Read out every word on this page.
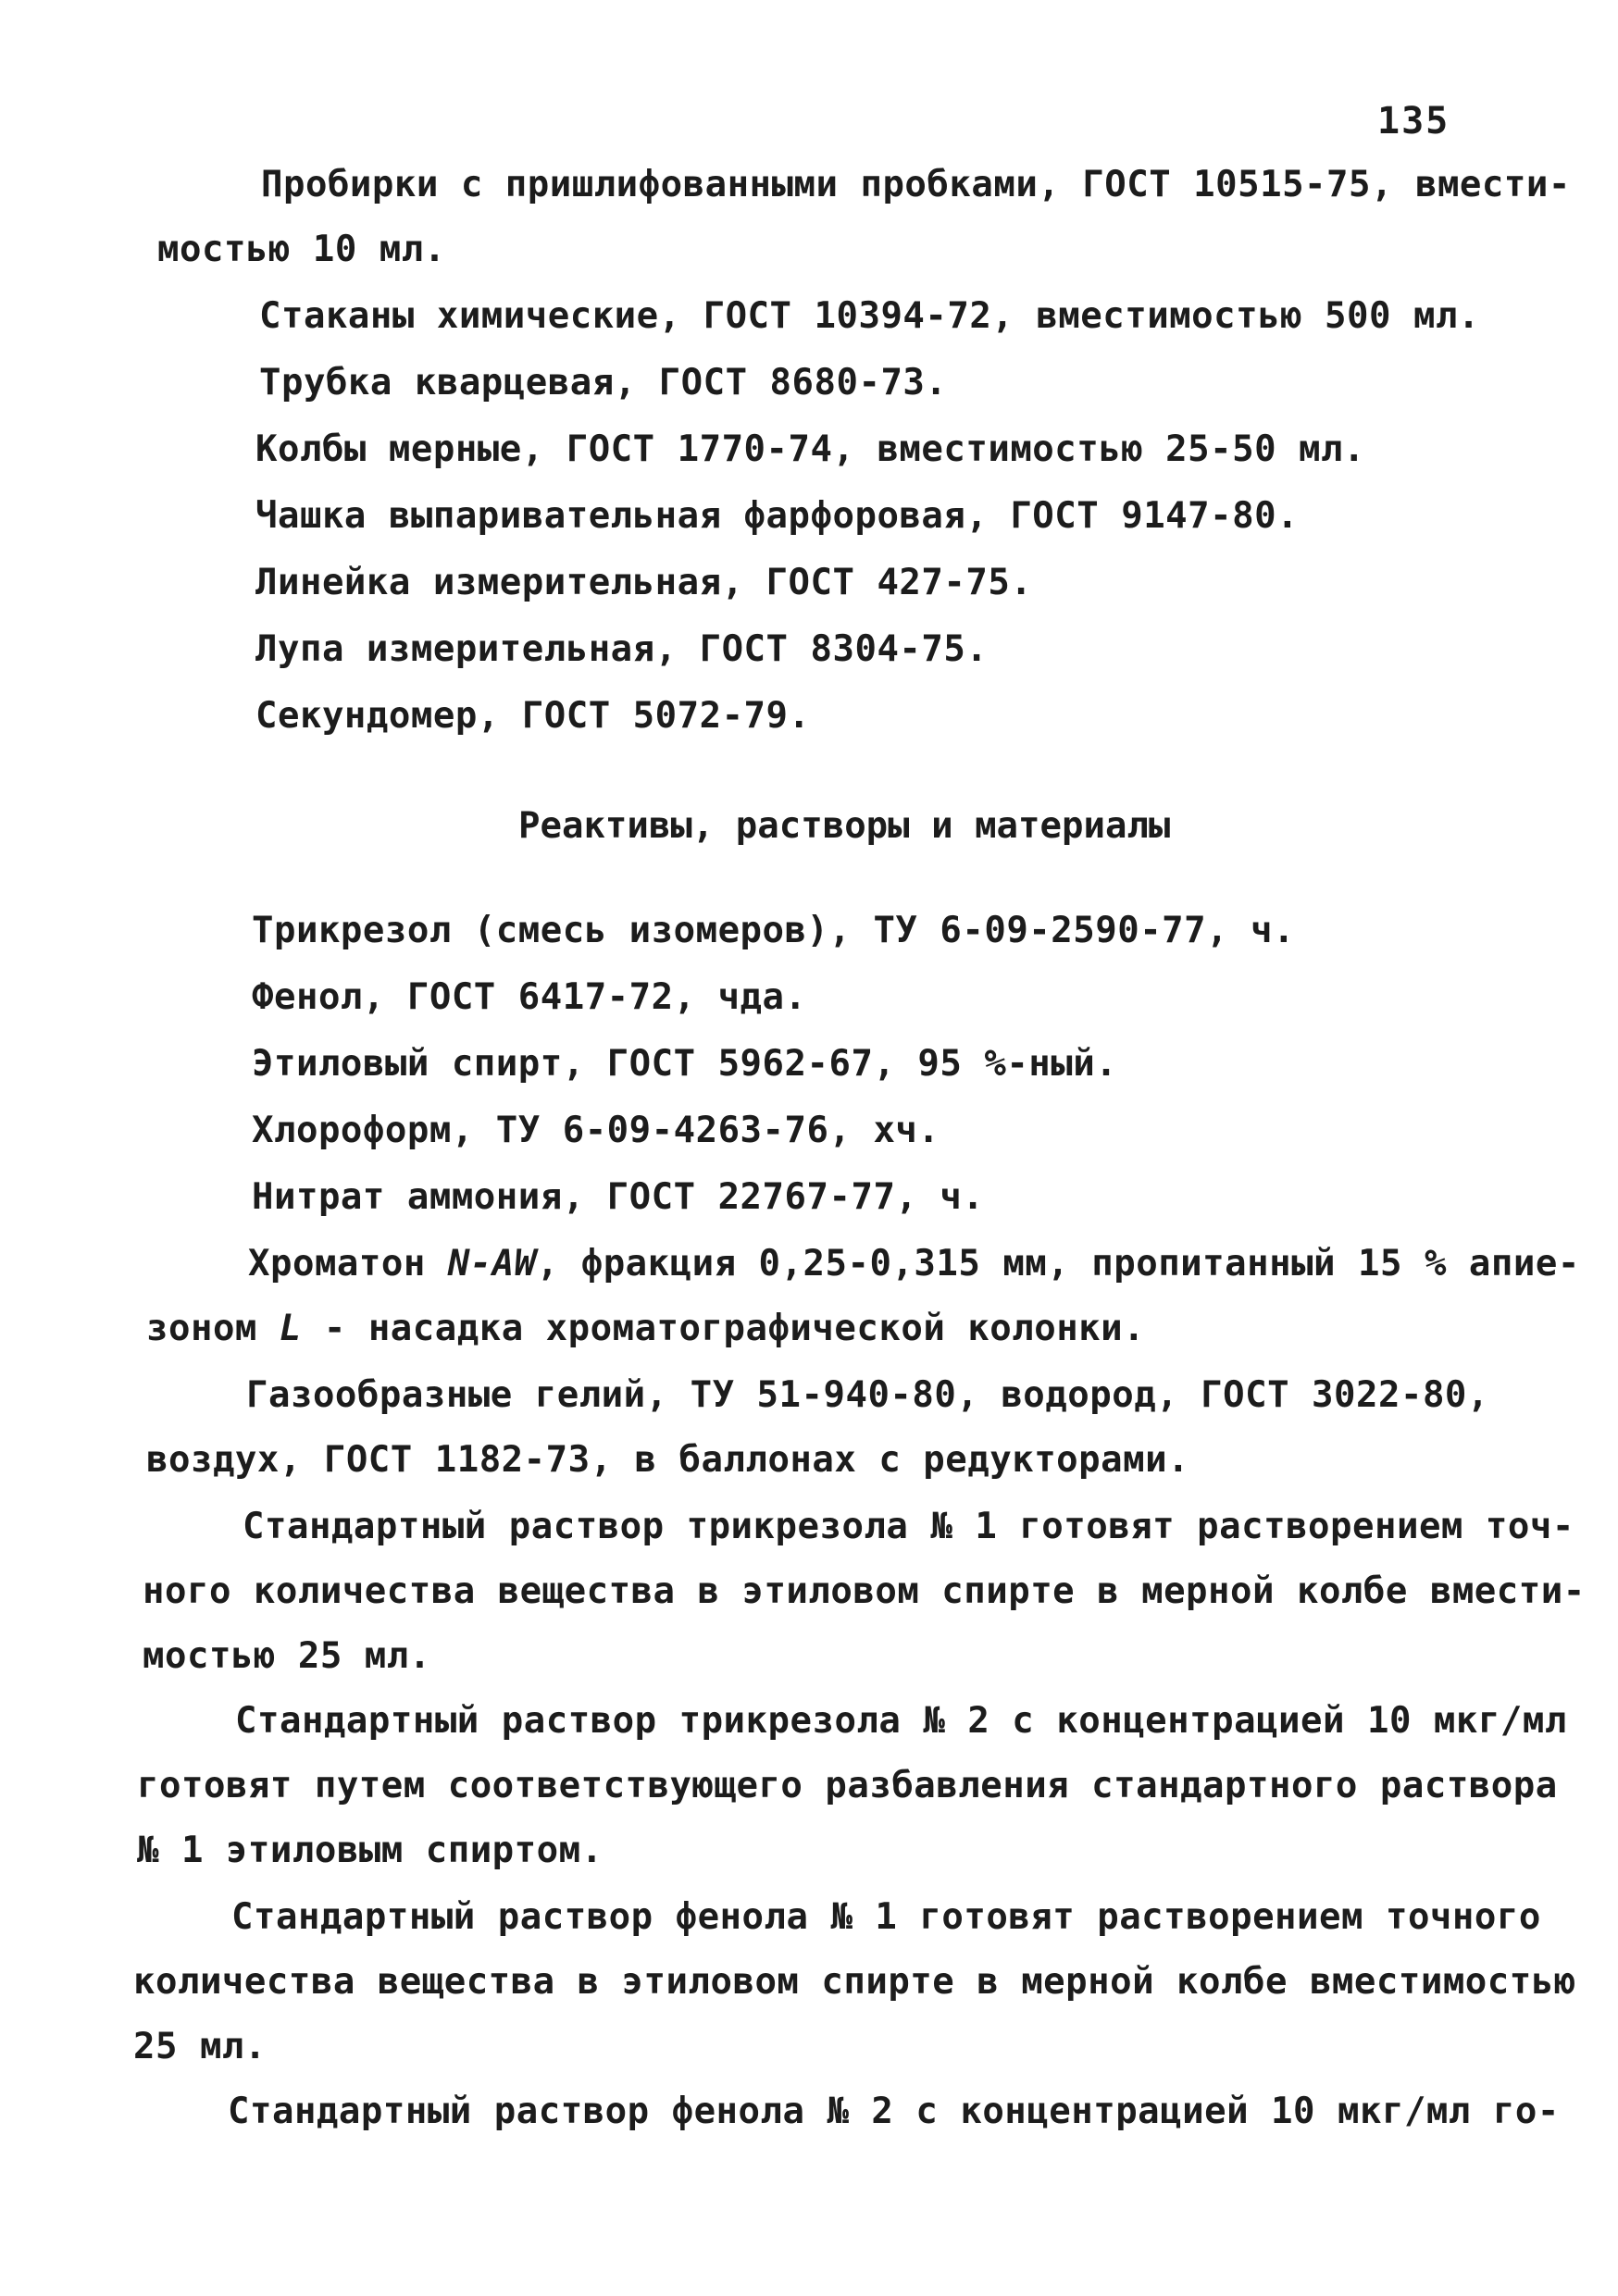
135
Пробирки с пришлифованными пробками, ГОСТ 10515-75, вмести-
мостью 10 мл.
Стаканы химические, ГОСТ 10394-72, вместимостью 500 мл.
Трубка кварцевая, ГОСТ 8680-73.
Колбы мерные, ГОСТ 1770-74, вместимостью 25-50 мл.
Чашка выпаривательная фарфоровая, ГОСТ 9147-80.
Линейка измерительная, ГОСТ 427-75.
Лупа измерительная, ГОСТ 8304-75.
Секундомер, ГОСТ 5072-79.
Реактивы, растворы и материалы
Трикрезол (смесь изомеров), ТУ 6-09-2590-77, ч.
Фенол, ГОСТ 6417-72, чда.
Этиловый спирт, ГОСТ 5962-67, 95 %-ный.
Хлороформ, ТУ 6-09-4263-76, хч.
Нитрат аммония, ГОСТ 22767-77, ч.
Хроматон N-AW, фракция 0,25-0,315 мм, пропитанный 15 % апие-
зоном L - насадка хроматографической колонки.
Газообразные гелий, ТУ 51-940-80, водород, ГОСТ 3022-80,
воздух, ГОСТ 1182-73, в баллонах с редукторами.
Стандартный раствор трикрезола № 1 готовят растворением точ-
ного количества вещества в этиловом спирте в мерной колбе вмести-
мостью 25 мл.
Стандартный раствор трикрезола № 2 с концентрацией 10 мкг/мл
готовят путем соответствующего разбавления стандартного раствора
№ 1 этиловым спиртом.
Стандартный раствор фенола № 1 готовят растворением точного
количества вещества в этиловом спирте в мерной колбе вместимостью
25 мл.
Стандартный раствор фенола № 2 с концентрацией 10 мкг/мл го-
